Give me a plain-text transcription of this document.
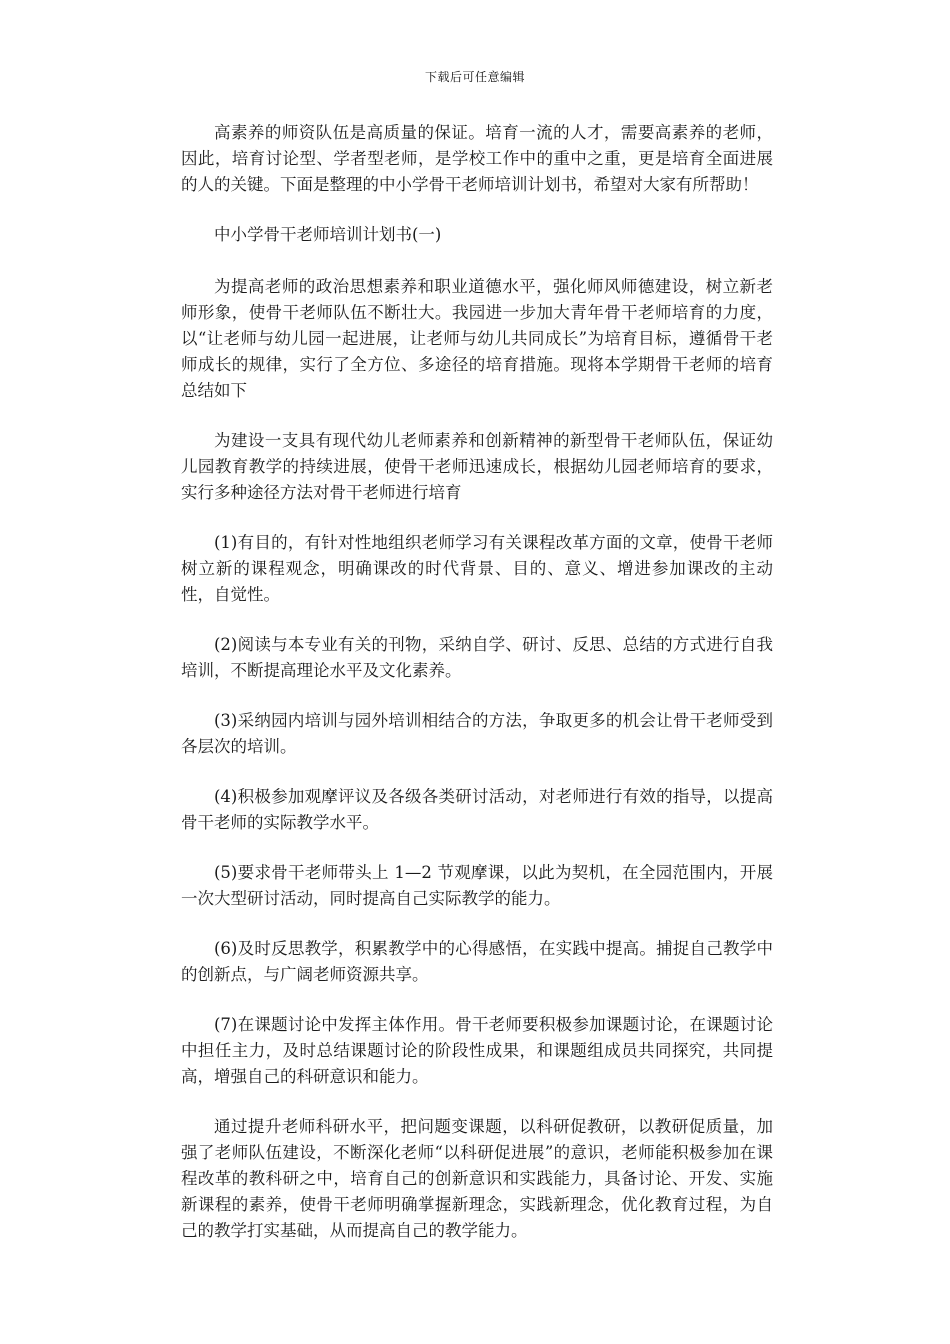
下载后可任意编辑

高素养的师资队伍是高质量的保证。培育一流的人才，需要高素养的老师，因此，培育讨论型、学者型老师，是学校工作中的重中之重，更是培育全面进展的人的关键。下面是整理的中小学骨干老师培训计划书，希望对大家有所帮助！

中小学骨干老师培训计划书(一)

为提高老师的政治思想素养和职业道德水平，强化师风师德建设，树立新老师形象，使骨干老师队伍不断壮大。我园进一步加大青年骨干老师培育的力度，以“让老师与幼儿园一起进展，让老师与幼儿共同成长”为培育目标，遵循骨干老师成长的规律，实行了全方位、多途径的培育措施。现将本学期骨干老师的培育总结如下

为建设一支具有现代幼儿老师素养和创新精神的新型骨干老师队伍，保证幼儿园教育教学的持续进展，使骨干老师迅速成长，根据幼儿园老师培育的要求，实行多种途径方法对骨干老师进行培育

(1)有目的，有针对性地组织老师学习有关课程改革方面的文章，使骨干老师树立新的课程观念，明确课改的时代背景、目的、意义、增进参加课改的主动性，自觉性。

(2)阅读与本专业有关的刊物，采纳自学、研讨、反思、总结的方式进行自我培训，不断提高理论水平及文化素养。

(3)采纳园内培训与园外培训相结合的方法，争取更多的机会让骨干老师受到各层次的培训。

(4)积极参加观摩评议及各级各类研讨活动，对老师进行有效的指导，以提高骨干老师的实际教学水平。

(5)要求骨干老师带头上 1—2 节观摩课，以此为契机，在全园范围内，开展一次大型研讨活动，同时提高自己实际教学的能力。

(6)及时反思教学，积累教学中的心得感悟，在实践中提高。捕捉自己教学中的创新点，与广阔老师资源共享。

(7)在课题讨论中发挥主体作用。骨干老师要积极参加课题讨论，在课题讨论中担任主力，及时总结课题讨论的阶段性成果，和课题组成员共同探究，共同提高，增强自己的科研意识和能力。

通过提升老师科研水平，把问题变课题，以科研促教研，以教研促质量，加强了老师队伍建设，不断深化老师“以科研促进展”的意识，老师能积极参加在课程改革的教科研之中，培育自己的创新意识和实践能力，具备讨论、开发、实施新课程的素养，使骨干老师明确掌握新理念，实践新理念，优化教育过程，为自己的教学打实基础，从而提高自己的教学能力。
